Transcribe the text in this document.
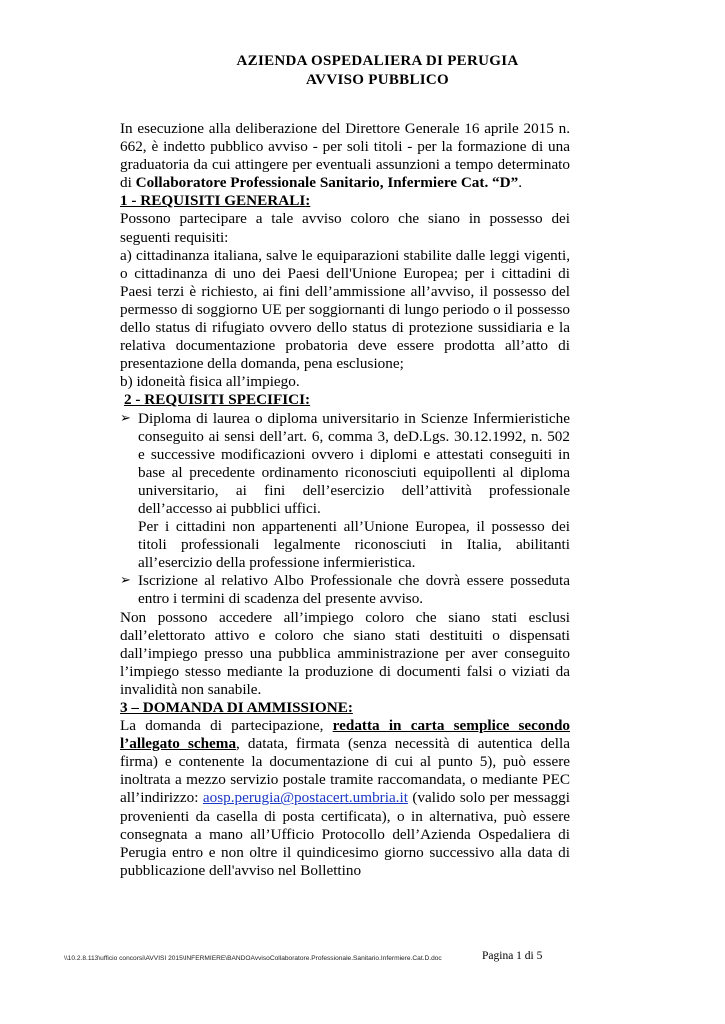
AZIENDA OSPEDALIERA DI PERUGIA
AVVISO PUBBLICO

In esecuzione alla deliberazione del Direttore Generale 16 aprile 2015 n. 662, è indetto pubblico avviso - per soli titoli - per la formazione di una graduatoria da cui attingere per eventuali assunzioni a tempo determinato di Collaboratore Professionale Sanitario, Infermiere Cat. “D”.

1 - REQUISITI GENERALI:

Possono partecipare a tale avviso coloro che siano in possesso dei seguenti requisiti:

a) cittadinanza italiana, salve le equiparazioni stabilite dalle leggi vigenti, o cittadinanza di uno dei Paesi dell'Unione Europea; per i cittadini di Paesi terzi è richiesto, ai fini dell’ammissione all’avviso, il possesso del permesso di soggiorno UE per soggiornanti di lungo periodo o il possesso dello status di rifugiato ovvero dello status di protezione sussidiaria e la relativa documentazione probatoria deve essere prodotta all’atto di presentazione della domanda, pena esclusione;

b) idoneità fisica all’impiego.

2 - REQUISITI SPECIFICI:

➢ Diploma di laurea o diploma universitario in Scienze Infermieristiche conseguito ai sensi dell’art. 6, comma 3, deD.Lgs. 30.12.1992, n. 502 e successive modificazioni ovvero i diplomi e attestati conseguiti in base al precedente ordinamento riconosciuti equipollenti al diploma universitario, ai fini dell’esercizio dell’attività professionale dell’accesso ai pubblici uffici.

Per i cittadini non appartenenti all’Unione Europea, il possesso dei titoli professionali legalmente riconosciuti in Italia, abilitanti all’esercizio della professione infermieristica.

➢ Iscrizione al relativo Albo Professionale che dovrà essere posseduta entro i termini di scadenza del presente avviso.

Non possono accedere all’impiego coloro che siano stati esclusi dall’elettorato attivo e coloro che siano stati destituiti o dispensati dall’impiego presso una pubblica amministrazione per aver conseguito l’impiego stesso mediante la produzione di documenti falsi o viziati da invalidità non sanabile.

3 – DOMANDA DI AMMISSIONE:

La domanda di partecipazione, redatta in carta semplice secondo l’allegato schema, datata, firmata (senza necessità di autentica della firma) e contenente la documentazione di cui al punto 5), può essere inoltrata a mezzo servizio postale tramite raccomandata, o mediante PEC all’indirizzo: aosp.perugia@postacert.umbria.it (valido solo per messaggi provenienti da casella di posta certificata), o in alternativa, può essere consegnata a mano all’Ufficio Protocollo dell’Azienda Ospedaliera di Perugia entro e non oltre il quindicesimo giorno successivo alla data di pubblicazione dell'avviso nel Bollettino

\\10.2.8.113\ufficio concorsi\AVVISI 2015\INFERMIERE\BANDOAvvisoCollaboratore.Professionale.Sanitario.Infermiere.Cat.D.doc	Pagina 1 di 5
